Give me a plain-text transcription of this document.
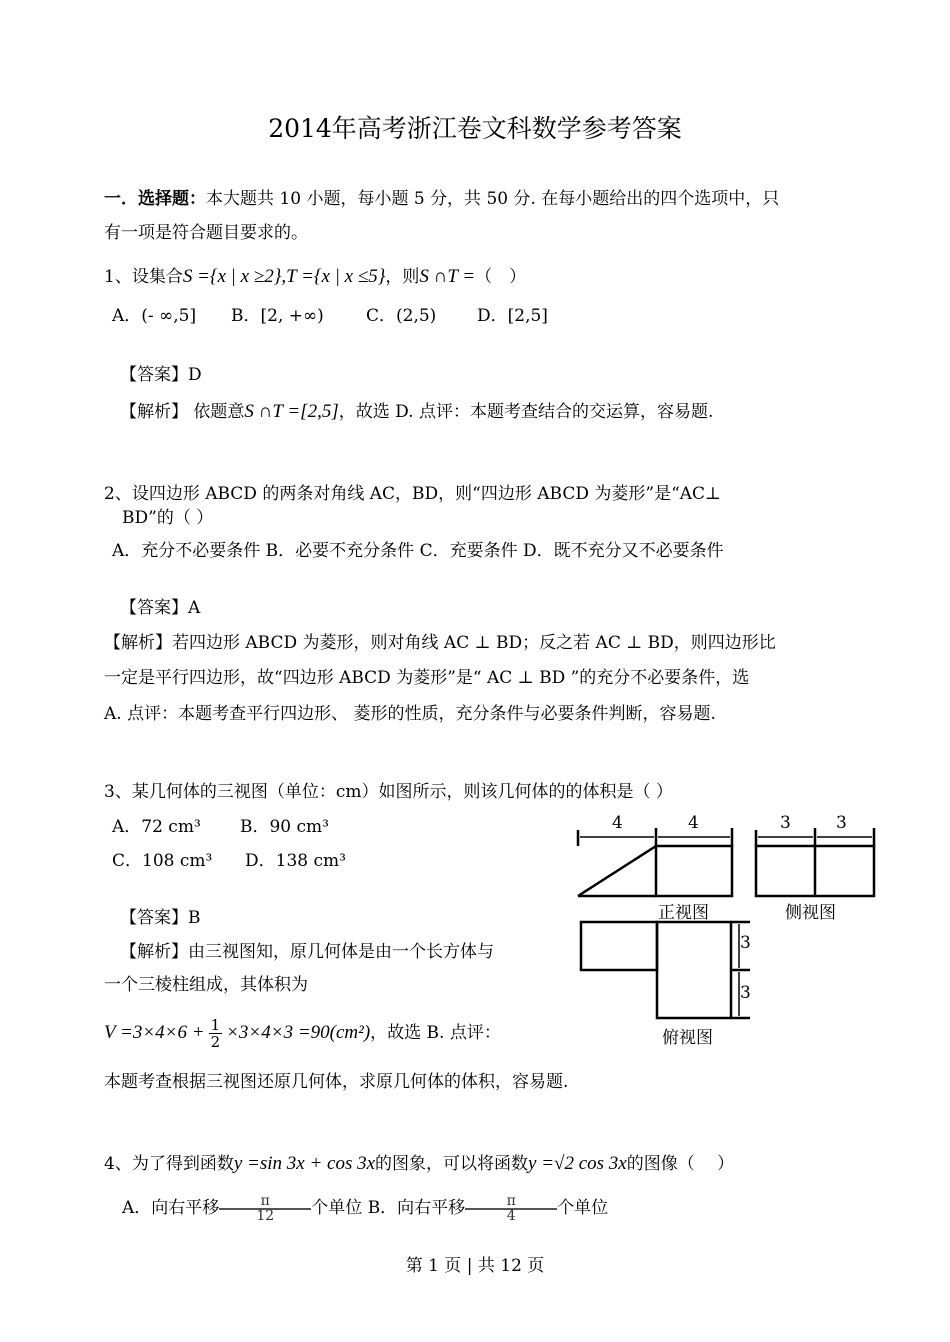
2014年高考浙江卷文科数学参考答案
一．选择题：本大题共 10 小题，每小题 5 分，共 50 分. 在每小题给出的四个选项中，只
有一项是符合题目要求的。
1、设集合S ={x | x ≥2},T ={x | x ≤5}，则S ∩T =（　）
A．(- ∞,5] B．[2, +∞) C．(2,5) D．[2,5]
【答案】D
【解析】 依题意S ∩T =[2,5]，故选 D. 点评：本题考查结合的交运算，容易题.
2、设四边形 ABCD 的两条对角线 AC，BD，则“四边形 ABCD 为菱形”是“AC⊥
BD”的（ ）
A．充分不必要条件 B．必要不充分条件 C．充要条件 D．既不充分又不必要条件
【答案】A
【解析】若四边形 ABCD 为菱形，则对角线 AC ⊥ BD；反之若 AC ⊥ BD，则四边形比
一定是平行四边形，故“四边形 ABCD 为菱形”是“ AC ⊥ BD ”的充分不必要条件，选
A. 点评：本题考查平行四边形、 菱形的性质，充分条件与必要条件判断，容易题.
3、某几何体的三视图（单位：cm）如图所示，则该几何体的的体积是（ ）
A．72 cm³ B．90 cm³
C．108 cm³ D．138 cm³
【答案】B
【解析】由三视图知，原几何体是由一个长方体与
一个三棱柱组成，其体积为
$V =3\times 4\times 6 + \frac{1}{2} \times 3\times 4\times 3 =90(cm^2)$，故选 B. 点评：
本题考查根据三视图还原几何体，求原几何体的体积，容易题.
4	4	3	3
3
3
正视图	侧视图
俯视图
4、为了得到函数y =sin 3x + cos 3x的图象，可以将函数y =√2 cos 3x的图像（　 ）
A．向右平移 $\frac{\pi}{12}$个单位 B．向右平移 $\frac{\pi}{4}$个单位
第 1 页 | 共 12 页
